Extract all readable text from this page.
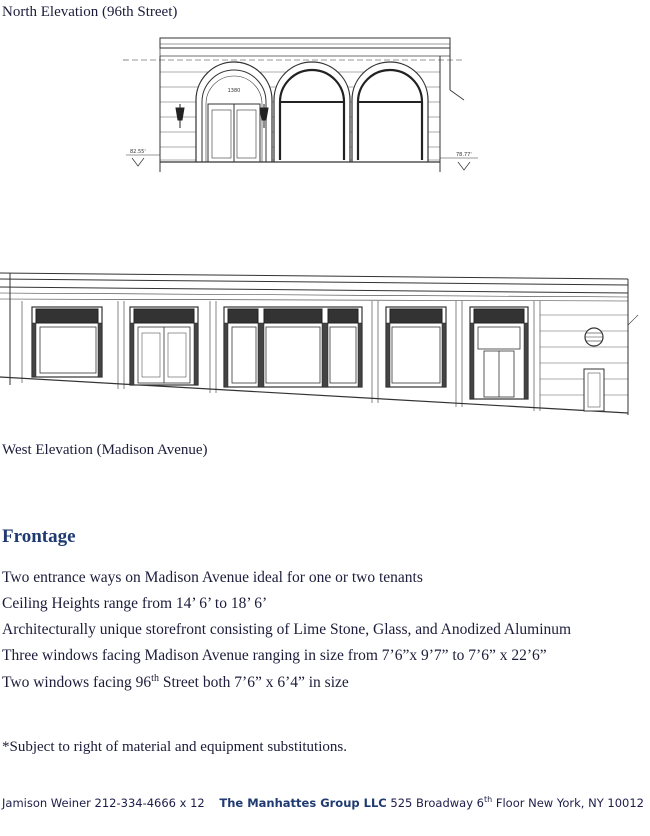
North Elevation (96th Street)
1380
82.55'	78.77'
West Elevation (Madison Avenue)
Frontage
Two entrance ways on Madison Avenue ideal for one or two tenants
Ceiling Heights range from 14’ 6’ to 18’ 6’
Architecturally unique storefront consisting of Lime Stone, Glass, and Anodized Aluminum
Three windows facing Madison Avenue ranging in size from 7’6”x 9’7” to 7’6” x 22’6”
Two windows facing 96th Street both 7’6” x 6’4” in size
*Subject to right of material and equipment substitutions.
Jamison Weiner 212-334-4666 x 12 The Manhattes Group LLC 525 Broadway 6th Floor New York, NY 10012
